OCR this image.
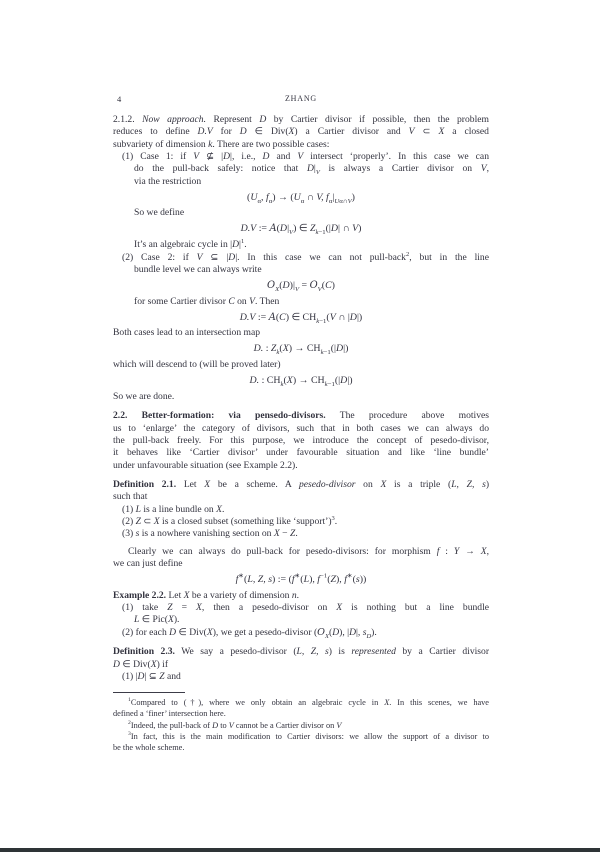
4	ZHANG
2.1.2. Now approach. Represent D by Cartier divisor if possible, then the problem
reduces to define D.V for D ∈ Div(X) a Cartier divisor and V ⊂ X a closed
subvariety of dimension k. There are two possible cases:
(1) Case 1: if V ⊈ |D|, i.e., D and V intersect ‘properly’. In this case we can
do the pull-back safely: notice that $D|_V$ is always a Cartier divisor on V,
via the restriction
($U_\alpha$, $f_\alpha) \to (U_\alpha$ ∩ V, $f_\alpha|_{U\alpha\cap V}$)
So we define
D.V := $A(D|_V)$ ∈ $Z_{k-1}(|D|$ ∩ V)
It’s an algebraic cycle in $|D|^1$.
(2) Case 2: if V ⊆ |D|. In this case we can not pull-back$^2$, but in the line
bundle level we can always write
$O_X(D)|_V = O_V(C)$
for some Cartier divisor C on V. Then
D.V := A(C) ∈ $CH_{k-1}(V$ ∩ |D|)
Both cases lead to an intersection map
D. : $Z_k(X) \to CH_{k-1}(|D|)$
which will descend to (will be proved later)
D. : $CH_k(X) \to CH_{k-1}(|D|)$
So we are done.
2.2. Better-formation: via pensedo-divisors. The procedure above motives
us to ‘enlarge’ the category of divisors, such that in both cases we can always do
the pull-back freely. For this purpose, we introduce the concept of pesedo-divisor,
it behaves like ‘Cartier divisor’ under favourable situation and like ‘line bundle’
under unfavourable situation (see Example 2.2).
Definition 2.1. Let X be a scheme. A pesedo-divisor on X is a triple (L, Z, s)
such that
(1) L is a line bundle on X.
(2) Z ⊂ X is a closed subset (something like ‘support’)$^3$.
(3) s is a nowhere vanishing section on X − Z.
Clearly we can always do pull-back for pesedo-divisors: for morphism f : Y → X,
we can just define
f∗(L, Z, s) := (f∗(L), $f^{-1}(Z)$, f∗(s))
Example 2.2. Let X be a variety of dimension n.
(1) take Z = X, then a pesedo-divisor on X is nothing but a line bundle
L ∈ Pic(X).
(2) for each D ∈ Div(X), we get a pesedo-divisor ($O_X(D)$, |D|, $s_D$).
Definition 2.3. We say a pesedo-divisor (L, Z, s) is represented by a Cartier divisor
D ∈ Div(X) if
(1) |D| ⊆ Z and
$^1$Compared to (†), where we only obtain an algebraic cycle in X. In this scenes, we have
defined a ‘finer’ intersection here.
$^2$Indeed, the pull-back of D to V cannot be a Cartier divisor on V
$^3$In fact, this is the main modification to Cartier divisors: we allow the support of a divisor to
be the whole scheme.
